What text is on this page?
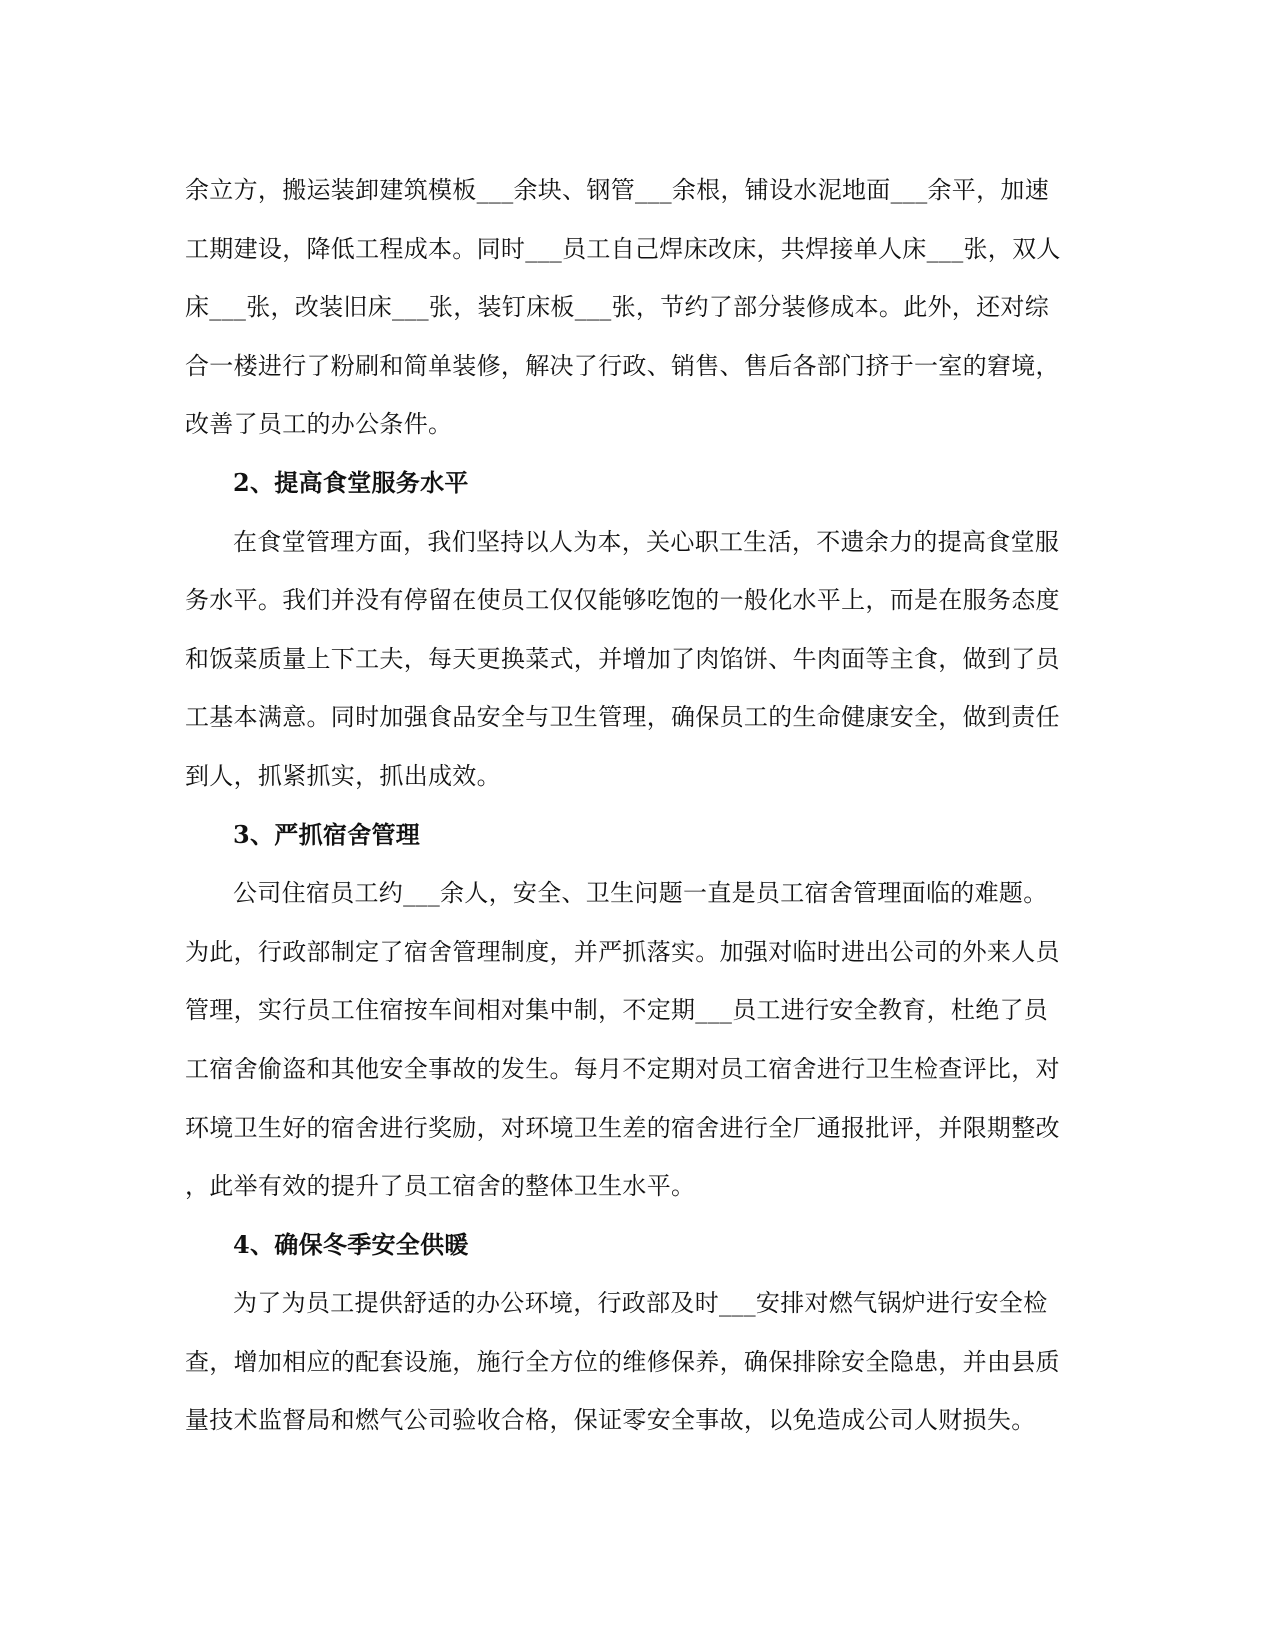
余立方，搬运装卸建筑模板___余块、钢管___余根，铺设水泥地面___余平，加速
工期建设，降低工程成本。同时___员工自己焊床改床，共焊接单人床___张，双人
床___张，改装旧床___张，装钉床板___张，节约了部分装修成本。此外，还对综
合一楼进行了粉刷和简单装修，解决了行政、销售、售后各部门挤于一室的窘境，
改善了员工的办公条件。
2、提高食堂服务水平
在食堂管理方面，我们坚持以人为本，关心职工生活，不遗余力的提高食堂服
务水平。我们并没有停留在使员工仅仅能够吃饱的一般化水平上，而是在服务态度
和饭菜质量上下工夫，每天更换菜式，并增加了肉馅饼、牛肉面等主食，做到了员
工基本满意。同时加强食品安全与卫生管理，确保员工的生命健康安全，做到责任
到人，抓紧抓实，抓出成效。
3、严抓宿舍管理
公司住宿员工约___余人，安全、卫生问题一直是员工宿舍管理面临的难题。
为此，行政部制定了宿舍管理制度，并严抓落实。加强对临时进出公司的外来人员
管理，实行员工住宿按车间相对集中制，不定期___员工进行安全教育，杜绝了员
工宿舍偷盗和其他安全事故的发生。每月不定期对员工宿舍进行卫生检查评比，对
环境卫生好的宿舍进行奖励，对环境卫生差的宿舍进行全厂通报批评，并限期整改
，此举有效的提升了员工宿舍的整体卫生水平。
4、确保冬季安全供暖
为了为员工提供舒适的办公环境，行政部及时___安排对燃气锅炉进行安全检
查，增加相应的配套设施，施行全方位的维修保养，确保排除安全隐患，并由县质
量技术监督局和燃气公司验收合格，保证零安全事故，以免造成公司人财损失。
